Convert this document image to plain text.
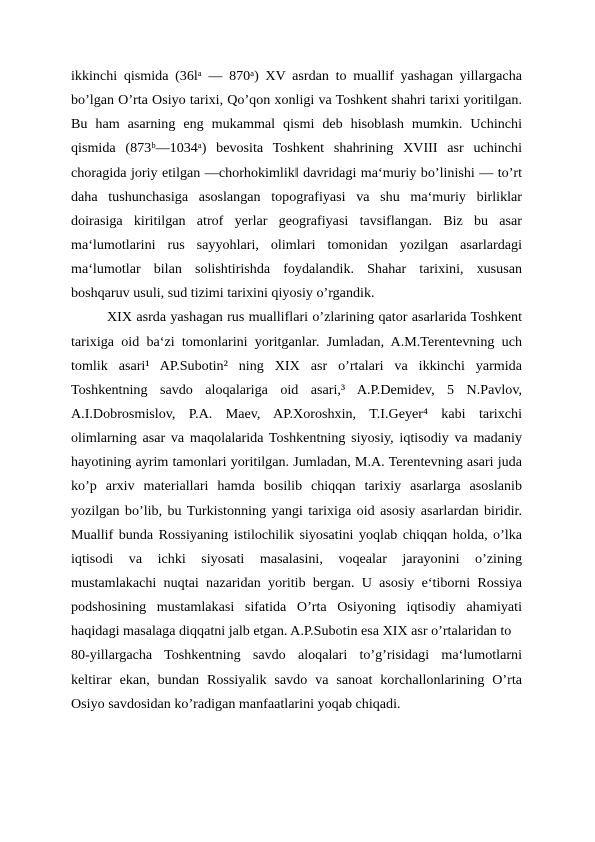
ikkinchi qismida (36lᵃ — 870ᵃ) XV asrdan to muallif yashagan yillargacha
bo’lgan O’rta Osiyo tarixi, Qo’qon xonligi va Toshkent shahri tarixi yoritilgan.
Bu ham asarning eng mukammal qismi deb hisoblash mumkin. Uchinchi
qismida (873ᵇ—1034ᵃ) bevosita Toshkent shahrining XVIII asr uchinchi
choragida joriy etilgan ―chorhokimlik‖ davridagi ma‘muriy bo’linishi — to’rt
daha tushunchasiga asoslangan topografiyasi va shu ma‘muriy birliklar
doirasiga kiritilgan atrof yerlar geografiyasi tavsiflangan. Biz bu asar
ma‘lumotlarini rus sayyohlari, olimlari tomonidan yozilgan asarlardagi
ma‘lumotlar bilan solishtirishda foydalandik. Shahar tarixini, xususan
boshqaruv usuli, sud tizimi tarixini qiyosiy o’rgandik.
XIX asrda yashagan rus mualliflari o’zlarining qator asarlarida Toshkent
tarixiga oid ba‘zi tomonlarini yoritganlar. Jumladan, A.M.Terentevning uch
tomlik asari¹ AP.Subotin² ning XIX asr o’rtalari va ikkinchi yarmida
Toshkentning savdo aloqalariga oid asari,³ A.P.Demidev, 5 N.Pavlov,
A.I.Dobrosmislov, P.A. Maev, AP.Xoroshxin, T.I.Geyer⁴ kabi tarixchi
olimlarning asar va maqolalarida Toshkentning siyosiy, iqtisodiy va madaniy
hayotining ayrim tamonlari yoritilgan. Jumladan, M.A. Terentevning asari juda
ko’p arxiv materiallari hamda bosilib chiqqan tarixiy asarlarga asoslanib
yozilgan bo’lib, bu Turkistonning yangi tarixiga oid asosiy asarlardan biridir.
Muallif bunda Rossiyaning istilochilik siyosatini yoqlab chiqqan holda, o’lka
iqtisodi va ichki siyosati masalasini, voqealar jarayonini o’zining
mustamlakachi nuqtai nazaridan yoritib bergan. U asosiy e‘tiborni Rossiya
podshosining mustamlakasi sifatida O’rta Osiyoning iqtisodiy ahamiyati
haqidagi masalaga diqqatni jalb etgan. A.P.Subotin esa XIX asr o’rtalaridan to
80-yillargacha Toshkentning savdo aloqalari to’g’risidagi ma‘lumotlarni
keltirar ekan, bundan Rossiyalik savdo va sanoat korchallonlarining O’rta
Osiyo savdosidan ko’radigan manfaatlarini yoqab chiqadi.
